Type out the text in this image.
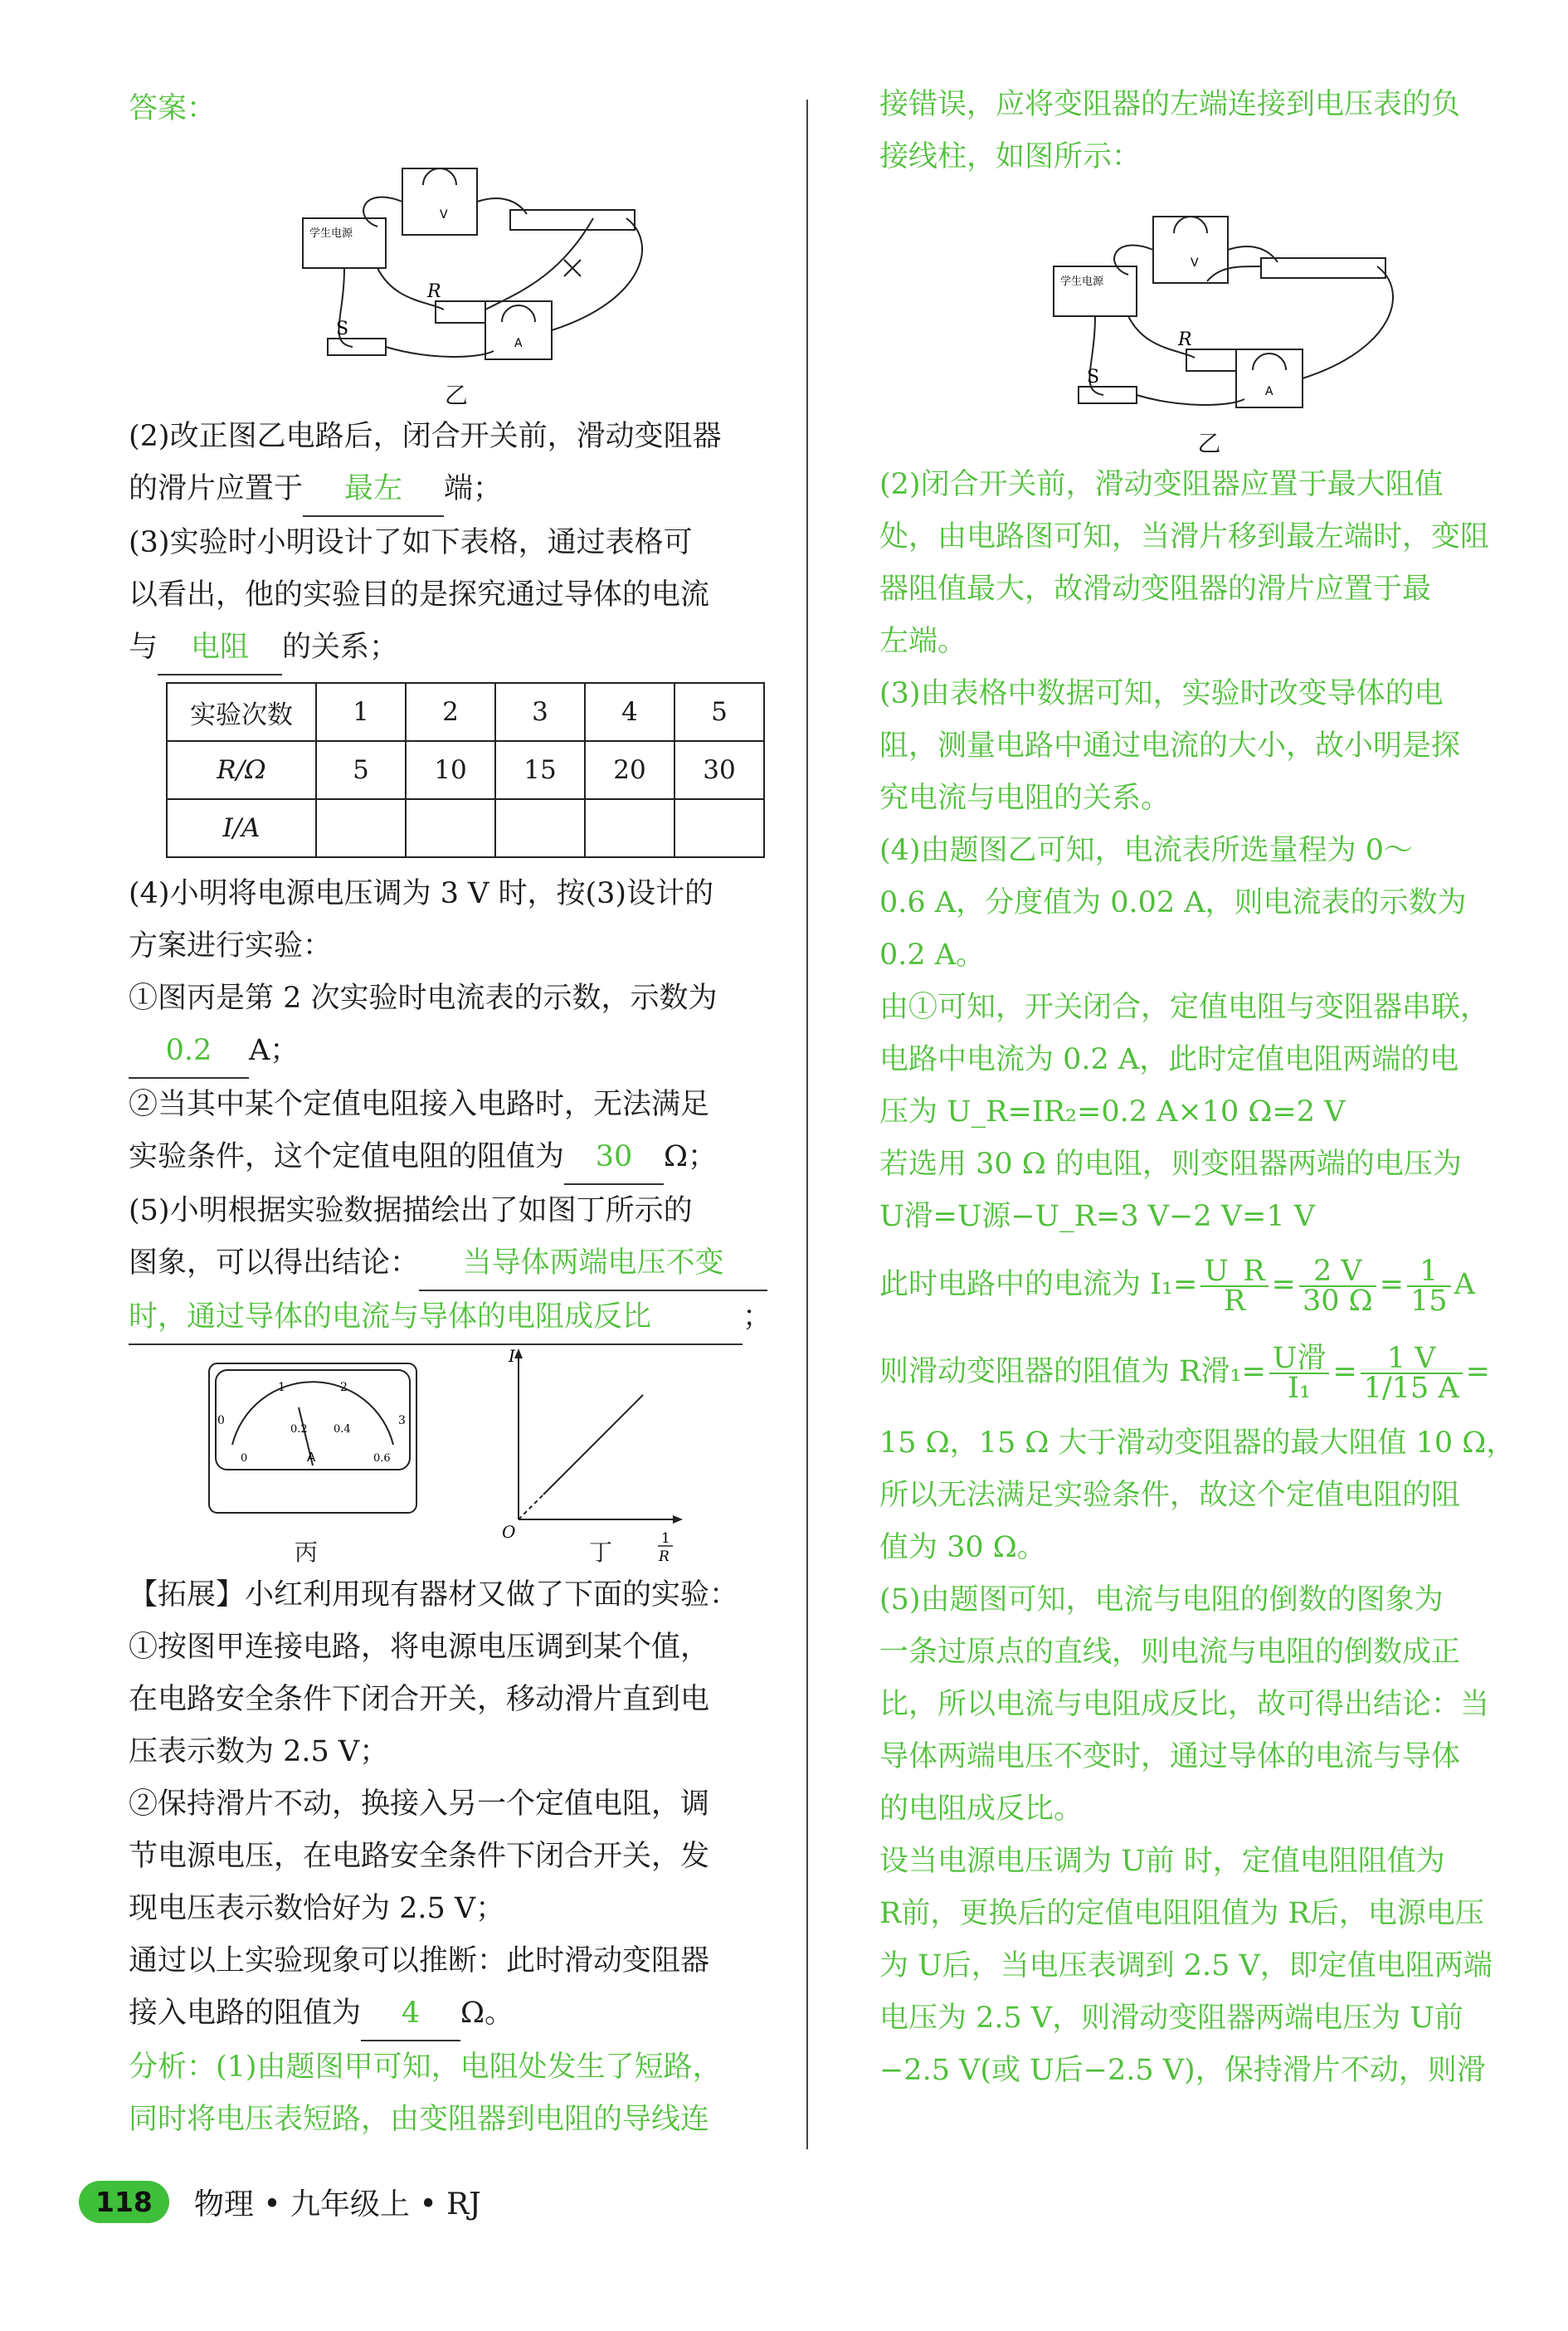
答案：

学生电源
V
A
R
S
乙

(2)改正图乙电路后，闭合开关前，滑动变阻器

的滑片应置于 最左 端；

(3)实验时小明设计了如下表格，通过表格可

以看出，他的实验目的是探究通过导体的电流

与 电阻 的关系；

实验次数	1	2	3	4	5
R/Ω	5	10	15	20	30
I/A					

(4)小明将电源电压调为 3 V 时，按(3)设计的

方案进行实验：

①图丙是第 2 次实验时电流表的示数，示数为

0.2 A；

②当其中某个定值电阻接入电路时，无法满足

实验条件，这个定值电阻的阻值为 30 Ω；

(5)小明根据实验数据描绘出了如图丁所示的

图象，可以得出结论： 当导体两端电压不变

时，通过导体的电流与导体的电阻成反比	；

0
1	2
3
0.2 0.4
0	0.6
A
丙
I
O	1
R
丁

【拓展】小红利用现有器材又做了下面的实验：

①按图甲连接电路，将电源电压调到某个值，

在电路安全条件下闭合开关，移动滑片直到电

压表示数为 2.5 V；

②保持滑片不动，换接入另一个定值电阻，调

节电源电压，在电路安全条件下闭合开关，发

现电压表示数恰好为 2.5 V；

通过以上实验现象可以推断：此时滑动变阻器

接入电路的阻值为 4 Ω。

分析：(1)由题图甲可知，电阻处发生了短路，

同时将电压表短路，由变阻器到电阻的导线连

接错误，应将变阻器的左端连接到电压表的负

接线柱，如图所示：

学生电源
V
A
R
S
乙

(2)闭合开关前，滑动变阻器应置于最大阻值

处，由电路图可知，当滑片移到最左端时，变阻

器阻值最大，故滑动变阻器的滑片应置于最

左端。

(3)由表格中数据可知，实验时改变导体的电

阻，测量电路中通过电流的大小，故小明是探

究电流与电阻的关系。

(4)由题图乙可知，电流表所选量程为 0～

0.6 A，分度值为 0.02 A，则电流表的示数为

0.2 A。

由①可知，开关闭合，定值电阻与变阻器串联，

电路中电流为 0.2 A，此时定值电阻两端的电

压为 U_R=IR₂=0.2 A×10 Ω=2 V

若选用 30 Ω 的电阻，则变阻器两端的电压为

U滑=U源−U_R=3 V−2 V=1 V

此时电路中的电流为 $I_1= \frac{U\_R}{R} = \frac{2 V}{30 \Omega} = \frac{1}{15}$ A

则滑动变阻器的阻值为 R滑$_1= \frac{\text{U滑}}{\text{I₁}} = \frac{1 V}{1/15 A}$ =

15 Ω，15 Ω 大于滑动变阻器的最大阻值 10 Ω，

所以无法满足实验条件，故这个定值电阻的阻

值为 30 Ω。

(5)由题图可知，电流与电阻的倒数的图象为

一条过原点的直线，则电流与电阻的倒数成正

比，所以电流与电阻成反比，故可得出结论：当

导体两端电压不变时，通过导体的电流与导体

的电阻成反比。

设当电源电压调为 U前 时，定值电阻阻值为

R前，更换后的定值电阻阻值为 R后，电源电压

为 U后，当电压表调到 2.5 V，即定值电阻两端

电压为 2.5 V，则滑动变阻器两端电压为 U前

−2.5 V(或 U后−2.5 V)，保持滑片不动，则滑

118	物理 • 九年级上 • RJ
